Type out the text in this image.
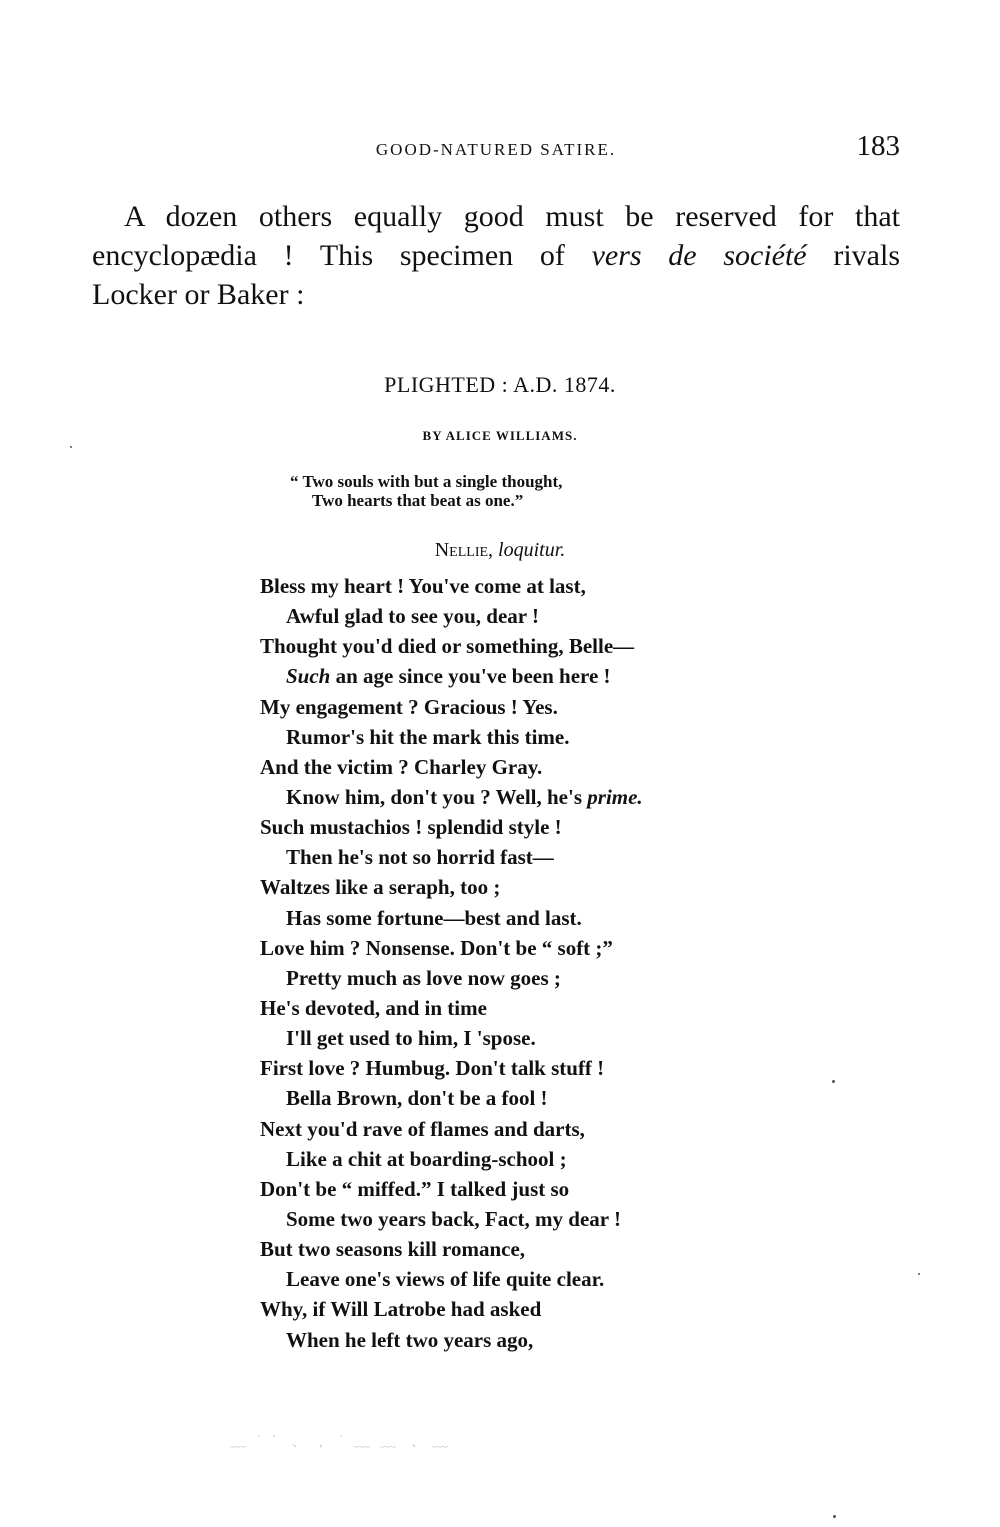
GOOD-NATURED SATIRE.	183
A dozen others equally good must be reserved for that
encyclopædia ! This specimen of vers de société rivals
Locker or Baker :
PLIGHTED : A.D. 1874.
BY ALICE WILLIAMS.
“ Two souls with but a single thought,
Two hearts that beat as one.”
Nellie, loquitur.
Bless my heart ! You've come at last,
Awful glad to see you, dear !
Thought you'd died or something, Belle—
Such an age since you've been here !
My engagement ? Gracious ! Yes.
Rumor's hit the mark this time.
And the victim ? Charley Gray.
Know him, don't you ? Well, he's prime.
Such mustachios ! splendid style !
Then he's not so horrid fast—
Waltzes like a seraph, too ;
Has some fortune—best and last.
Love him ? Nonsense. Don't be “ soft ;”
Pretty much as love now goes ;
He's devoted, and in time
I'll get used to him, I 'spose.
First love ? Humbug. Don't talk stuff !
Bella Brown, don't be a fool !
Next you'd rave of flames and darts,
Like a chit at boarding-school ;
Don't be “ miffed.” I talked just so
Some two years back, Fact, my dear !
But two seasons kill romance,
Leave one's views of life quite clear.
Why, if Will Latrobe had asked
When he left two years ago,
﹏ ˙ ˙ ﹑ ﹐ ˙ ﹏ ﹏ ﹑ ﹏
